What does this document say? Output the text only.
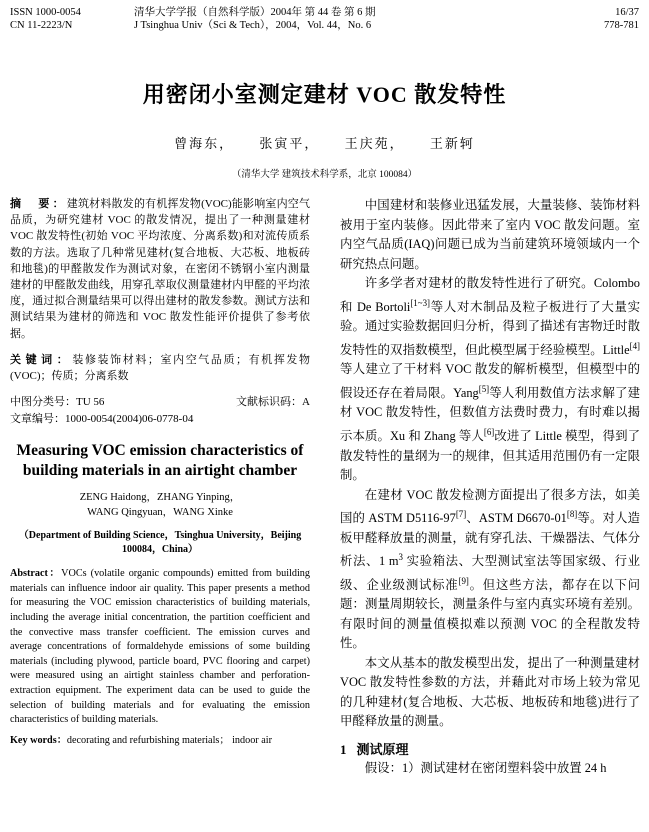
ISSN 1000-0054
CN 11-2223/N
清华大学学报（自然科学版）2004年 第 44 卷 第 6 期
J Tsinghua Univ（Sci & Tech），2004，Vol. 44，No. 6
16/37
778-781
用密闭小室测定建材 VOC 散发特性
曾海东， 张寅平， 王庆苑， 王新轲
（清华大学 建筑技术科学系，北京 100084）
摘　要：建筑材料散发的有机挥发物(VOC)能影响室内空气品质，为研究建材 VOC 的散发情况，提出了一种测量建材 VOC 散发特性(初始 VOC 平均浓度、分离系数)和对流传质系数的方法。选取了几种常见建材(复合地板、大芯板、地板砖和地毯)的甲醛散发作为测试对象，在密闭不锈钢小室内测量建材的甲醛散发曲线，用穿孔萃取仪测量建材内甲醛的平均浓度，通过拟合测量结果可以得出建材的散发参数。测试方法和测试结果为建材的筛选和 VOC 散发性能评价提供了参考依据。
关键词：装修装饰材料；室内空气品质；有机挥发物(VOC)；传质；分离系数
中图分类号：TU 56	文献标识码：A
文章编号：1000-0054(2004)06-0778-04
Measuring VOC emission characteristics of building materials in an airtight chamber
ZENG Haidong，ZHANG Yinping，
WANG Qingyuan，WANG Xinke
（Department of Building Science，Tsinghua University，Beijing 100084，China）
Abstract：VOCs (volatile organic compounds) emitted from building materials can influence indoor air quality. This paper presents a method for measuring the VOC emission characteristics of building materials, including the average initial concentration, the partition coefficient and the convective mass transfer coefficient. The emission curves and average concentrations of formaldehyde emissions of some building materials (including plywood, particle board, PVC flooring and carpet) were measured using an airtight stainless chamber and perforation-extraction equipment. The experiment data can be used to guide the selection of building materials and for evaluating the emission characteristics of building materials.
Key words：decorating and refurbishing materials； indoor air

中国建材和装修业迅猛发展，大量装修、装饰材料被用于室内装修。因此带来了室内 VOC 散发问题。室内空气品质(IAQ)问题已成为当前建筑环境领域内一个研究热点问题。

许多学者对建材的散发特性进行了研究。Colombo 和 De Bortoli[1~3]等人对木制品及粒子板进行了大量实验。通过实验数据回归分析，得到了描述有害物迁时散发特性的双指数模型，但此模型属于经验模型。Little[4]等人建立了干材料 VOC 散发的解析模型，但模型中的假设还存在着局限。Yang[5]等人利用数值方法求解了建材 VOC 散发特性，但数值方法费时费力，有时难以揭示本质。Xu 和 Zhang 等人[6]改进了 Little 模型，得到了散发特性的量纲为一的规律，但其适用范围仍有一定限制。

在建材 VOC 散发检测方面提出了很多方法，如美国的 ASTM D5116-97[7]、ASTM D6670-01[8]等。对人造板甲醛释放量的测量，就有穿孔法、干燥器法、气体分析法、1 $m^3$ 实验箱法、大型测试室法等国家级、行业级、企业级测试标准[9]。但这些方法，都存在以下问题：测量周期较长，测量条件与室内真实环境有差别。有限时间的测量值模拟难以预测 VOC 的全程散发特性。

本文从基本的散发模型出发，提出了一种测量建材 VOC 散发特性参数的方法，并藉此对市场上较为常见的几种建材(复合地板、大芯板、地板砖和地毯)进行了甲醛释放量的测量。

1 测试原理

假设：1）测试建材在密闭塑料袋中放置 24 h
